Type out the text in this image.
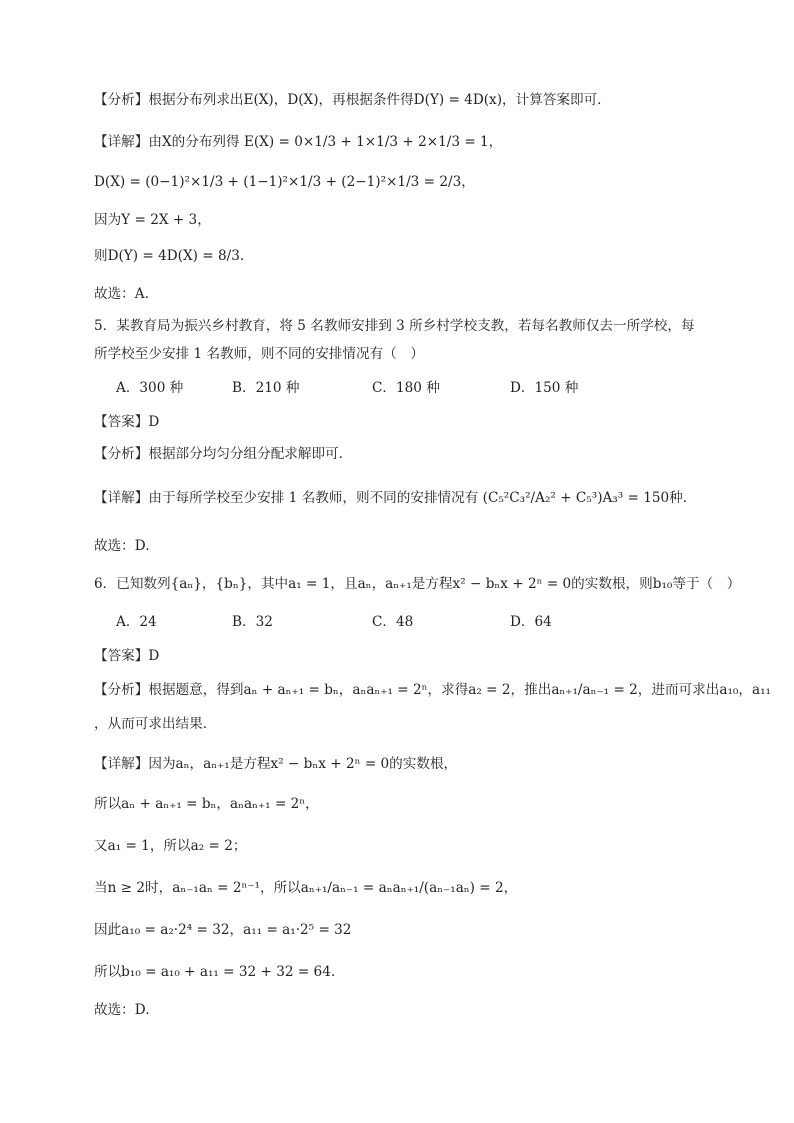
【分析】根据分布列求出E(X)，D(X)，再根据条件得D(Y) = 4D(x)，计算答案即可.
【详解】由X的分布列得 E(X) = 0×1/3 + 1×1/3 + 2×1/3 = 1，
D(X) = (0−1)²×1/3 + (1−1)²×1/3 + (2−1)²×1/3 = 2/3，
因为Y = 2X + 3，
则D(Y) = 4D(X) = 8/3.
故选：A.
5．某教育局为振兴乡村教育，将 5 名教师安排到 3 所乡村学校支教，若每名教师仅去一所学校，每
所学校至少安排 1 名教师，则不同的安排情况有（　）
A．300 种	B．210 种	C．180 种	D．150 种
【答案】D
【分析】根据部分均匀分组分配求解即可.
【详解】由于每所学校至少安排 1 名教师，则不同的安排情况有 (C₅²C₃²/A₂² + C₅³)A₃³ = 150种.
故选：D.
6．已知数列{aₙ}，{bₙ}，其中a₁ = 1，且aₙ，aₙ₊₁是方程x² − bₙx + 2ⁿ = 0的实数根，则b₁₀等于（　）
A．24	B．32	C．48	D．64
【答案】D
【分析】根据题意，得到aₙ + aₙ₊₁ = bₙ，aₙaₙ₊₁ = 2ⁿ，求得a₂ = 2，推出aₙ₊₁/aₙ₋₁ = 2，进而可求出a₁₀，a₁₁
，从而可求出结果.
【详解】因为aₙ，aₙ₊₁是方程x² − bₙx + 2ⁿ = 0的实数根，
所以aₙ + aₙ₊₁ = bₙ，aₙaₙ₊₁ = 2ⁿ，
又a₁ = 1，所以a₂ = 2；
当n ≥ 2时，aₙ₋₁aₙ = 2ⁿ⁻¹，所以aₙ₊₁/aₙ₋₁ = aₙaₙ₊₁/(aₙ₋₁aₙ) = 2，
因此a₁₀ = a₂·2⁴ = 32，a₁₁ = a₁·2⁵ = 32
所以b₁₀ = a₁₀ + a₁₁ = 32 + 32 = 64.
故选：D.
